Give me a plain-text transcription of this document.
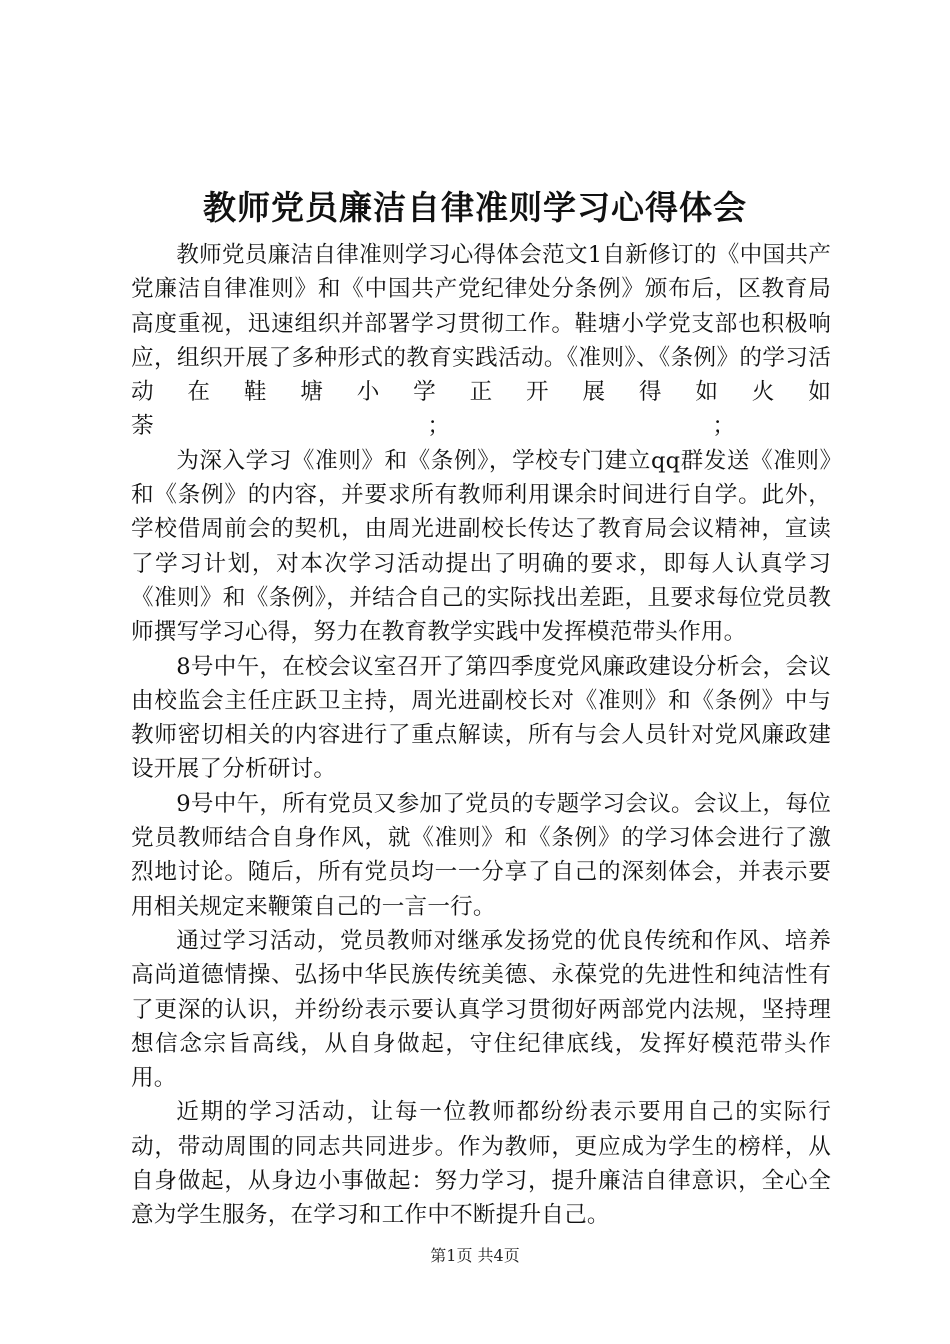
教师党员廉洁自律准则学习心得体会

教师党员廉洁自律准则学习心得体会范文1自新修订的《中国共产党廉洁自律准则》和《中国共产党纪律处分条例》颁布后，区教育局高度重视，迅速组织并部署学习贯彻工作。鞋塘小学党支部也积极响应，组织开展了多种形式的教育实践活动。《准则》、《条例》的学习活动在鞋塘小学正开展得如火如荼　　　　　　　　　　　　；　　　　　　　　　　　　；

为深入学习《准则》和《条例》，学校专门建立qq群发送《准则》和《条例》的内容，并要求所有教师利用课余时间进行自学。此外，学校借周前会的契机，由周光进副校长传达了教育局会议精神，宣读了学习计划，对本次学习活动提出了明确的要求，即每人认真学习《准则》和《条例》，并结合自己的实际找出差距，且要求每位党员教师撰写学习心得，努力在教育教学实践中发挥模范带头作用。

8号中午，在校会议室召开了第四季度党风廉政建设分析会，会议由校监会主任庄跃卫主持，周光进副校长对《准则》和《条例》中与教师密切相关的内容进行了重点解读，所有与会人员针对党风廉政建设开展了分析研讨。

9号中午，所有党员又参加了党员的专题学习会议。会议上，每位党员教师结合自身作风，就《准则》和《条例》的学习体会进行了激烈地讨论。随后，所有党员均一一分享了自己的深刻体会，并表示要用相关规定来鞭策自己的一言一行。

通过学习活动，党员教师对继承发扬党的优良传统和作风、培养高尚道德情操、弘扬中华民族传统美德、永葆党的先进性和纯洁性有了更深的认识，并纷纷表示要认真学习贯彻好两部党内法规，坚持理想信念宗旨高线，从自身做起，守住纪律底线，发挥好模范带头作用。

近期的学习活动，让每一位教师都纷纷表示要用自己的实际行动，带动周围的同志共同进步。作为教师，更应成为学生的榜样，从自身做起，从身边小事做起：努力学习，提升廉洁自律意识，全心全意为学生服务，在学习和工作中不断提升自己。

第1页 共4页
